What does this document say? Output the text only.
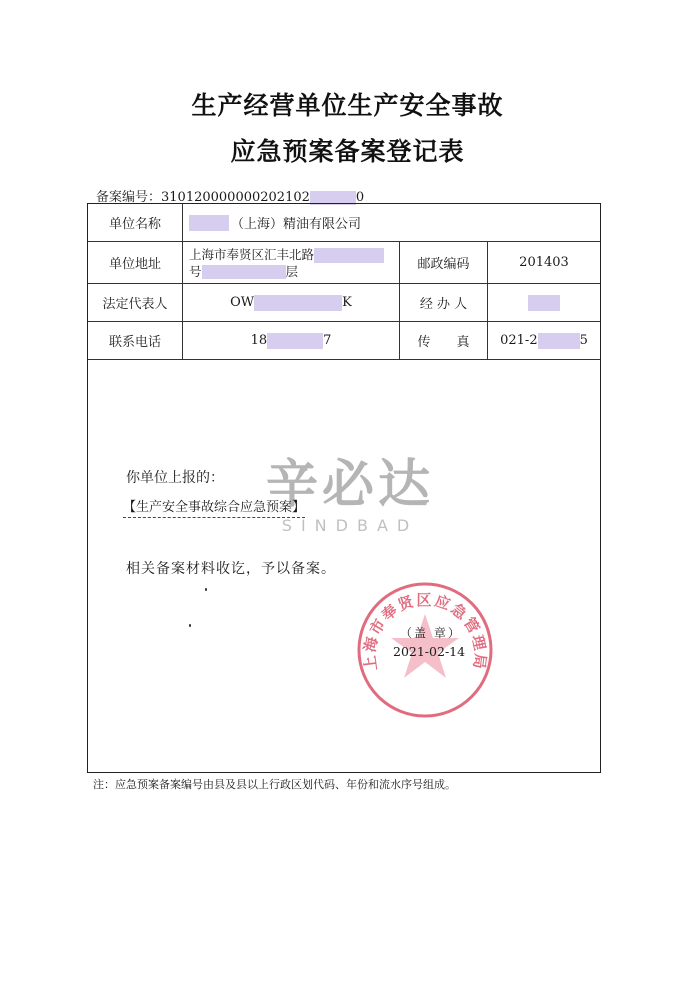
生产经营单位生产安全事故
应急预案备案登记表
备案编号：3101200000002021​02	0
单位名称	（上海）精油有限公司
单位地址
上海市奉贤区汇丰北路
号	层	邮政编码	201403
法定代表人	OW	K	经 办 人
联系电话	18	7	传　　真	021-2	5
你单位上报的：
【生产安全事故综合应急预案】
相关备案材料收讫，予以备案。
上海市奉贤区应急管理局
（盖 章）
2021-02-14
辛必达
SINDBAD
注：应急预案备案编号由县及县以上行政区划代码、年份和流水序号组成。
